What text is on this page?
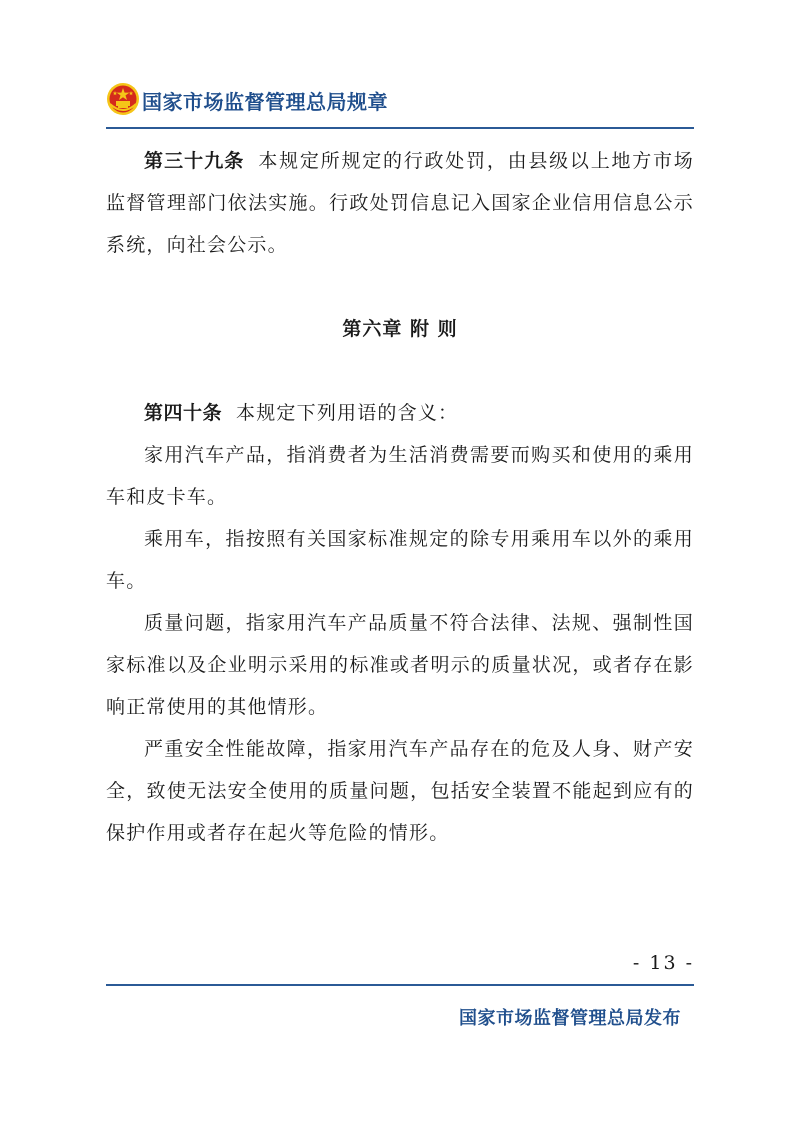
国家市场监督管理总局规章

第三十九条 本规定所规定的行政处罚，由县级以上地方市场监督管理部门依法实施。行政处罚信息记入国家企业信用信息公示系统，向社会公示。

第六章 附 则

第四十条 本规定下列用语的含义：

家用汽车产品，指消费者为生活消费需要而购买和使用的乘用车和皮卡车。

乘用车，指按照有关国家标准规定的除专用乘用车以外的乘用车。

质量问题，指家用汽车产品质量不符合法律、法规、强制性国家标准以及企业明示采用的标准或者明示的质量状况，或者存在影响正常使用的其他情形。

严重安全性能故障，指家用汽车产品存在的危及人身、财产安全，致使无法安全使用的质量问题，包括安全装置不能起到应有的保护作用或者存在起火等危险的情形。

- 13 -
国家市场监督管理总局发布
